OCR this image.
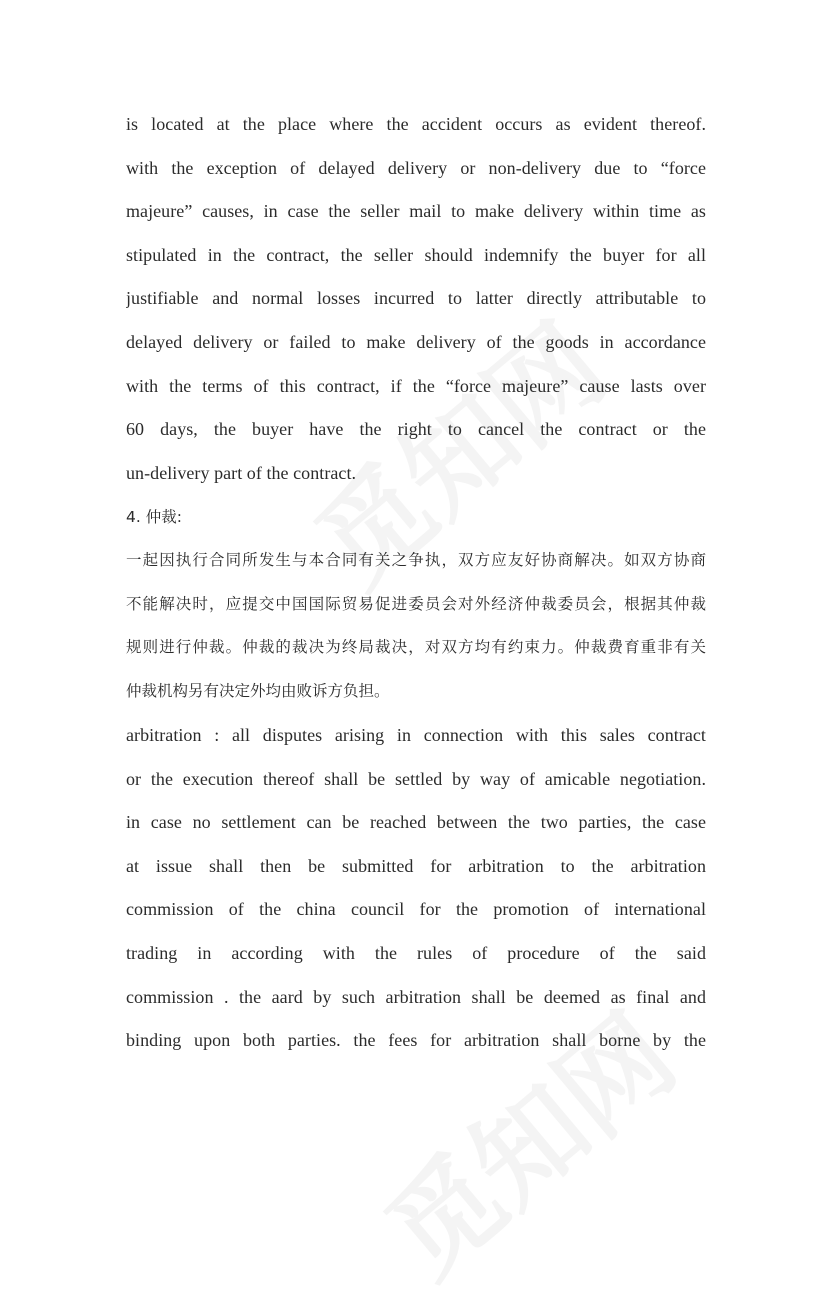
is located at the place where the accident occurs as evident thereof.
with the exception of delayed delivery or non-delivery due to “force
majeure” causes, in case the seller mail to make delivery within time as
stipulated in the contract, the seller should indemnify the buyer for all
justifiable and normal losses incurred to latter directly attributable to
delayed delivery or failed to make delivery of the goods in accordance
with the terms of this contract, if the “force majeure” cause lasts over
60 days, the buyer have the right to cancel the contract or the
un-delivery part of the contract.
4. 仲裁:
一起因执行合同所发生与本合同有关之争执，双方应友好协商解决。如双方协商
不能解决时，应提交中国国际贸易促进委员会对外经济仲裁委员会，根据其仲裁
规则进行仲裁。仲裁的裁决为终局裁决，对双方均有约束力。仲裁费育重非有关
仲裁机构另有决定外均由败诉方负担。
arbitration : all disputes arising in connection with this sales contract
or the execution thereof shall be settled by way of amicable negotiation.
in case no settlement can be reached between the two parties, the case
at issue shall then be submitted for arbitration to the arbitration
commission of the china council for the promotion of international
trading in according with the rules of procedure of the said
commission . the aard by such arbitration shall be deemed as final and
binding upon both parties. the fees for arbitration shall borne by the
